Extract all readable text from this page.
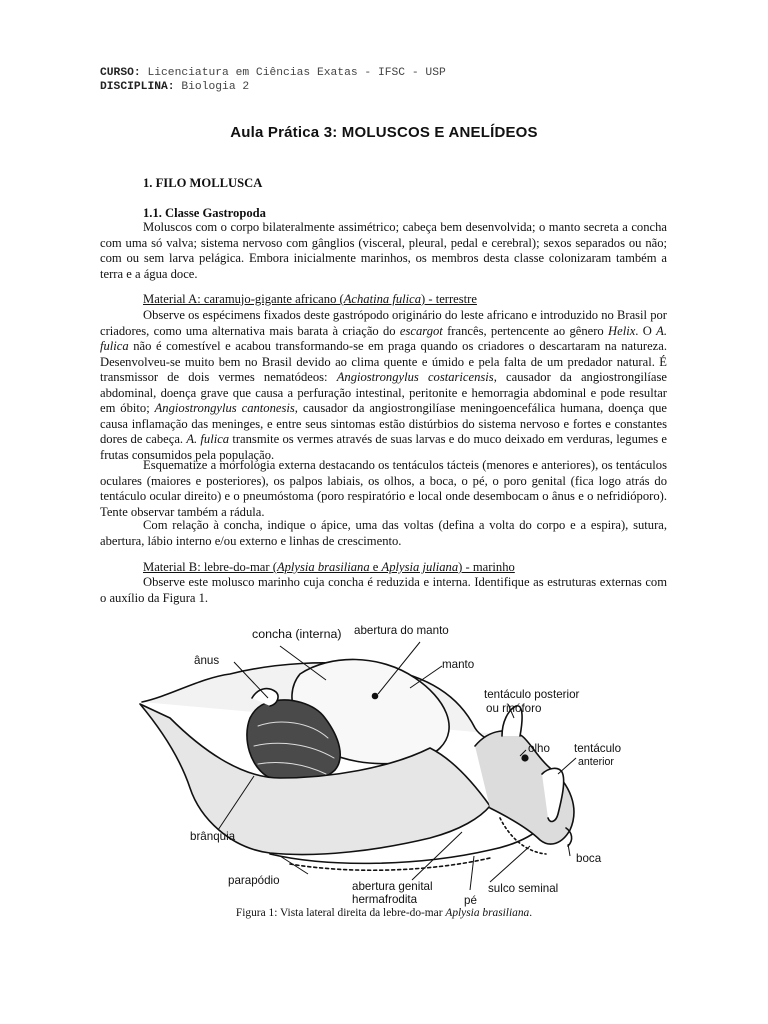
CURSO: Licenciatura em Ciências Exatas - IFSC - USP
DISCIPLINA: Biologia 2
Aula Prática 3: MOLUSCOS E ANELÍDEOS
1. FILO MOLLUSCA
1.1. Classe Gastropoda

Moluscos com o corpo bilateralmente assimétrico; cabeça bem desenvolvida; o manto secreta a concha com uma só valva; sistema nervoso com gânglios (visceral, pleural, pedal e cerebral); sexos separados ou não; com ou sem larva pelágica. Embora inicialmente marinhos, os membros desta classe colonizaram também a terra e a água doce.

Material A: caramujo-gigante africano (Achatina fulica) - terrestre

Observe os espécimens fixados deste gastrópodo originário do leste africano e introduzido no Brasil por criadores, como uma alternativa mais barata à criação do escargot francês, pertencente ao gênero Helix. O A. fulica não é comestível e acabou transformando-se em praga quando os criadores o descartaram na natureza. Desenvolveu-se muito bem no Brasil devido ao clima quente e úmido e pela falta de um predador natural. É transmissor de dois vermes nematódeos: Angiostrongylus costaricensis, causador da angiostrongilíase abdominal, doença grave que causa a perfuração intestinal, peritonite e hemorragia abdominal e pode resultar em óbito; Angiostrongylus cantonesis, causador da angiostrongilíase meningoencefálica humana, doença que causa inflamação das meninges, e entre seus sintomas estão distúrbios do sistema nervoso e fortes e constantes dores de cabeça. A. fulica transmite os vermes através de suas larvas e do muco deixado em verduras, legumes e frutas consumidos pela população.

Esquematize a morfologia externa destacando os tentáculos tácteis (menores e anteriores), os tentáculos oculares (maiores e posteriores), os palpos labiais, os olhos, a boca, o pé, o poro genital (fica logo atrás do tentáculo ocular direito) e o pneumóstoma (poro respiratório e local onde desembocam o ânus e o nefridióporo). Tente observar também a rádula.

Com relação à concha, indique o ápice, uma das voltas (defina a volta do corpo e a espira), sutura, abertura, lábio interno e/ou externo e linhas de crescimento.

Material B: lebre-do-mar (Aplysia brasiliana e Aplysia juliana) - marinho

Observe este molusco marinho cuja concha é reduzida e interna. Identifique as estruturas externas com o auxílio da Figura 1.

concha (interna) abertura do manto
ânus	manto
tentáculo posterior
ou rinóforo
olho tentáculo
anterior
brânquia
boca
parapódio	abertura genital
hermafrodita
sulco seminal
pé
Figura 1: Vista lateral direita da lebre-do-mar Aplysia brasiliana.
